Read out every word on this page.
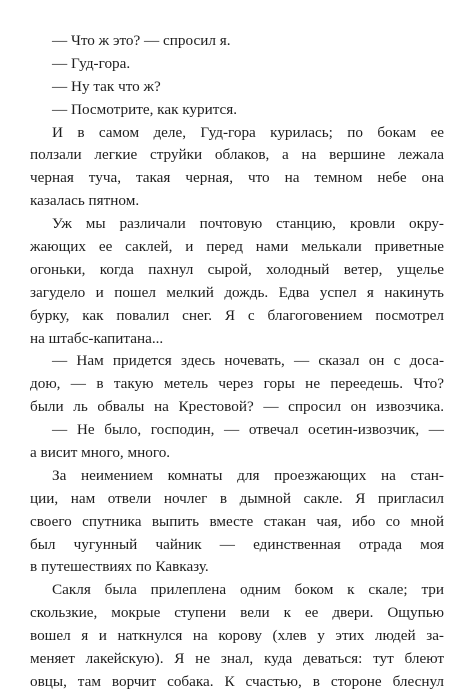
— Что ж это? — спросил я.
— Гуд-гора.
— Ну так что ж?
— Посмотрите, как курится.
И в самом деле, Гуд-гора курилась; по бокам ее
ползали легкие струйки облаков, а на вершине лежала
черная туча, такая черная, что на темном небе она
казалась пятном.
Уж мы различали почтовую станцию, кровли окру-
жающих ее саклей, и перед нами мелькали приветные
огоньки, когда пахнул сырой, холодный ветер, ущелье
загудело и пошел мелкий дождь. Едва успел я накинуть
бурку, как повалил снег. Я с благоговением посмотрел
на штабс-капитана...
— Нам придется здесь ночевать, — сказал он с доса-
дою, — в такую метель через горы не переедешь. Что?
были ль обвалы на Крестовой? — спросил он извозчика.
— Не было, господин, — отвечал осетин-извозчик, —
а висит много, много.
За неимением комнаты для проезжающих на стан-
ции, нам отвели ночлег в дымной сакле. Я пригласил
своего спутника выпить вместе стакан чая, ибо со мной
был чугунный чайник — единственная отрада моя
в путешествиях по Кавказу.
Сакля была прилеплена одним боком к скале; три
скользкие, мокрые ступени вели к ее двери. Ощупью
вошел я и наткнулся на корову (хлев у этих людей за-
меняет лакейскую). Я не знал, куда деваться: тут блеют
овцы, там ворчит собака. К счастью, в стороне блеснул
